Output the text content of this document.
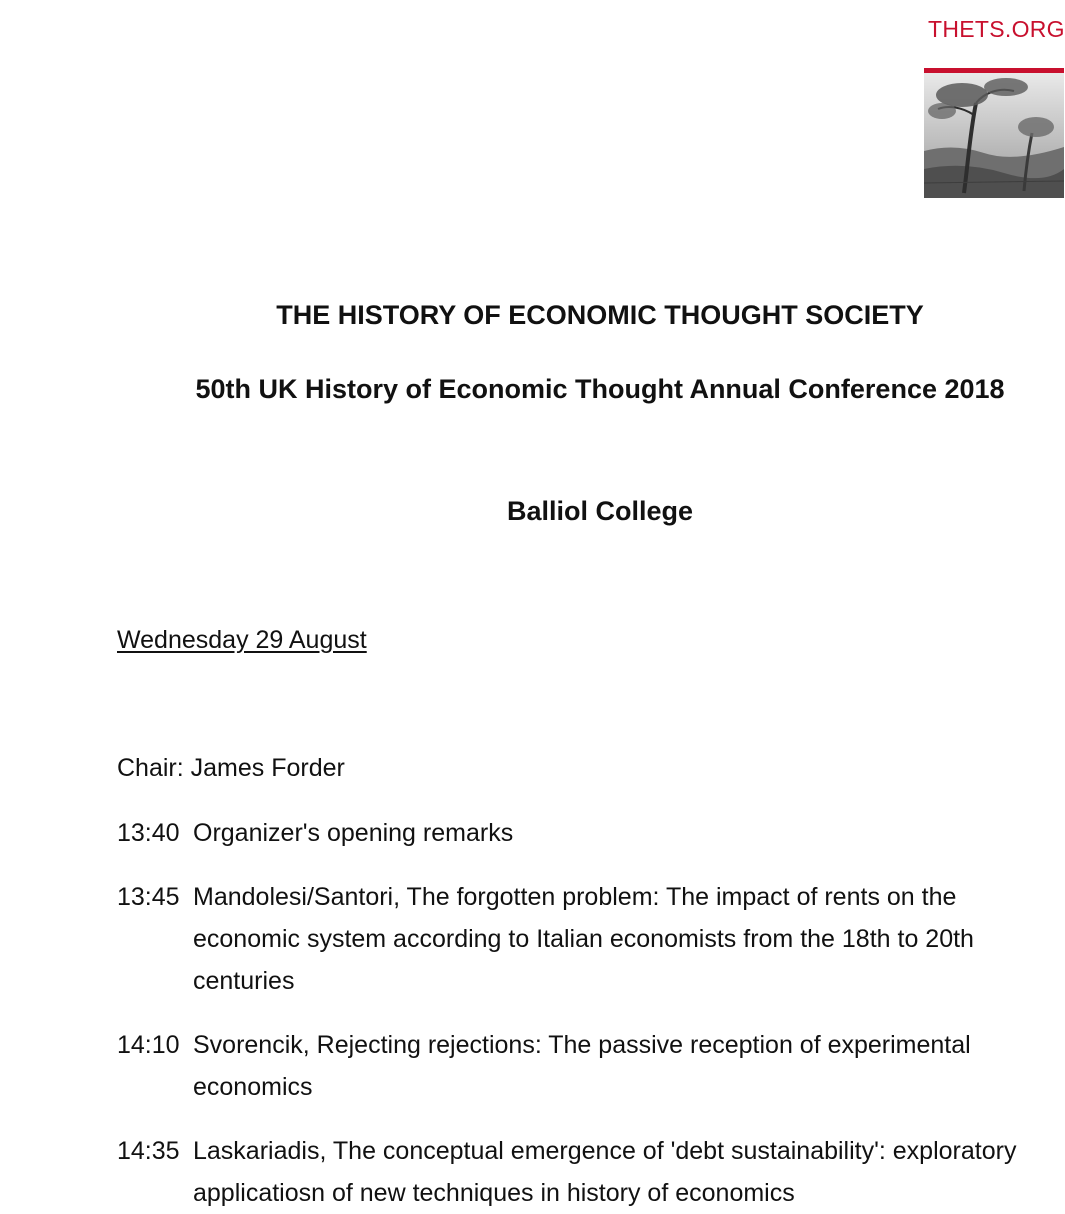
THETS.ORG
THE HISTORY OF ECONOMIC THOUGHT SOCIETY
50th UK History of Economic Thought Annual Conference 2018
Balliol College
Wednesday 29 August
Chair: James Forder
13:40 Organizer's opening remarks
13:45 Mandolesi/Santori, The forgotten problem: The impact of rents on the economic system according to Italian economists from the 18th to 20th centuries
14:10 Svorencik, Rejecting rejections: The passive reception of experimental economics
14:35 Laskariadis, The conceptual emergence of 'debt sustainability': exploratory applicatiosn of new techniques in history of economics
